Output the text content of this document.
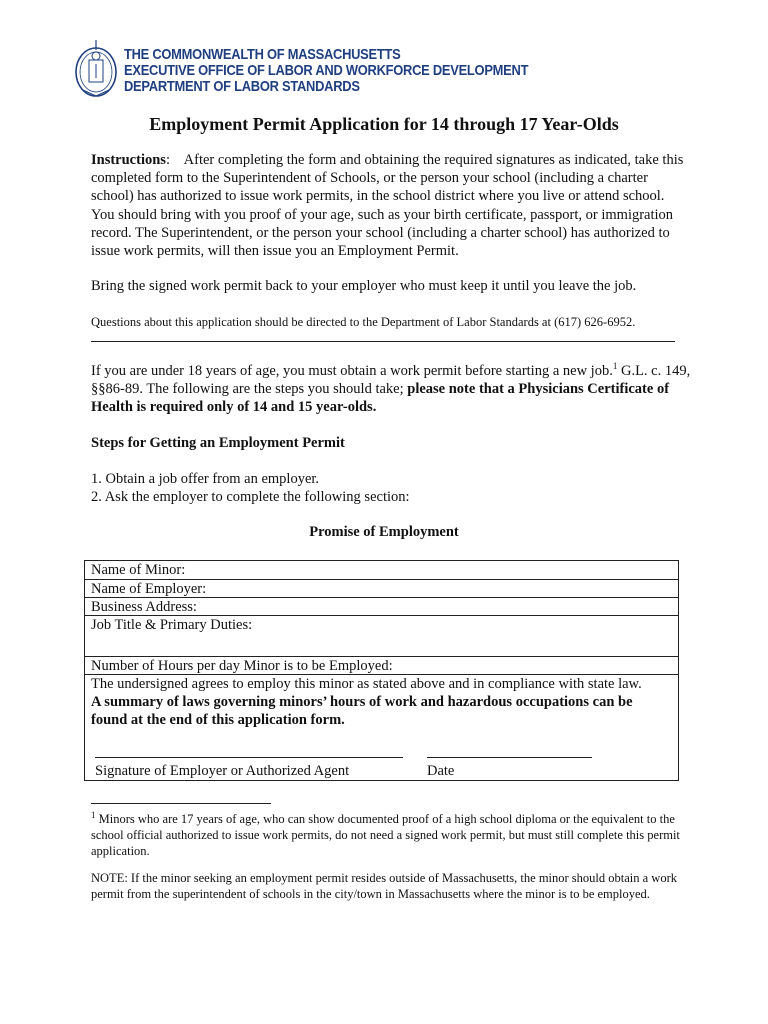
THE COMMONWEALTH OF MASSACHUSETTS
EXECUTIVE OFFICE OF LABOR AND WORKFORCE DEVELOPMENT
DEPARTMENT OF LABOR STANDARDS
Employment Permit Application for 14 through 17 Year-Olds
Instructions:    After completing the form and obtaining the required signatures as indicated, take this completed form to the Superintendent of Schools, or the person your school (including a charter school) has authorized to issue work permits, in the school district where you live or attend school. You should bring with you proof of your age, such as your birth certificate, passport, or immigration record. The Superintendent, or the person your school (including a charter school) has authorized to issue work permits, will then issue you an Employment Permit.
Bring the signed work permit back to your employer who must keep it until you leave the job.
Questions about this application should be directed to the Department of Labor Standards at (617) 626-6952.
If you are under 18 years of age, you must obtain a work permit before starting a new job.$^1$ G.L. c. 149, §§86-89. The following are the steps you should take; please note that a Physicians Certificate of Health is required only of 14 and 15 year-olds.
Steps for Getting an Employment Permit
1. Obtain a job offer from an employer.
2. Ask the employer to complete the following section:
Promise of Employment
Name of Minor:
Name of Employer:
Business Address:
Job Title & Primary Duties:
Number of Hours per day Minor is to be Employed:
The undersigned agrees to employ this minor as stated above and in compliance with state law.
A summary of laws governing minors’ hours of work and hazardous occupations can be found at the end of this application form.
Signature of Employer or Authorized Agent	Date
$^1$ Minors who are 17 years of age, who can show documented proof of a high school diploma or the equivalent to the school official authorized to issue work permits, do not need a signed work permit, but must still complete this permit application.
NOTE: If the minor seeking an employment permit resides outside of Massachusetts, the minor should obtain a work permit from the superintendent of schools in the city/town in Massachusetts where the minor is to be employed.
